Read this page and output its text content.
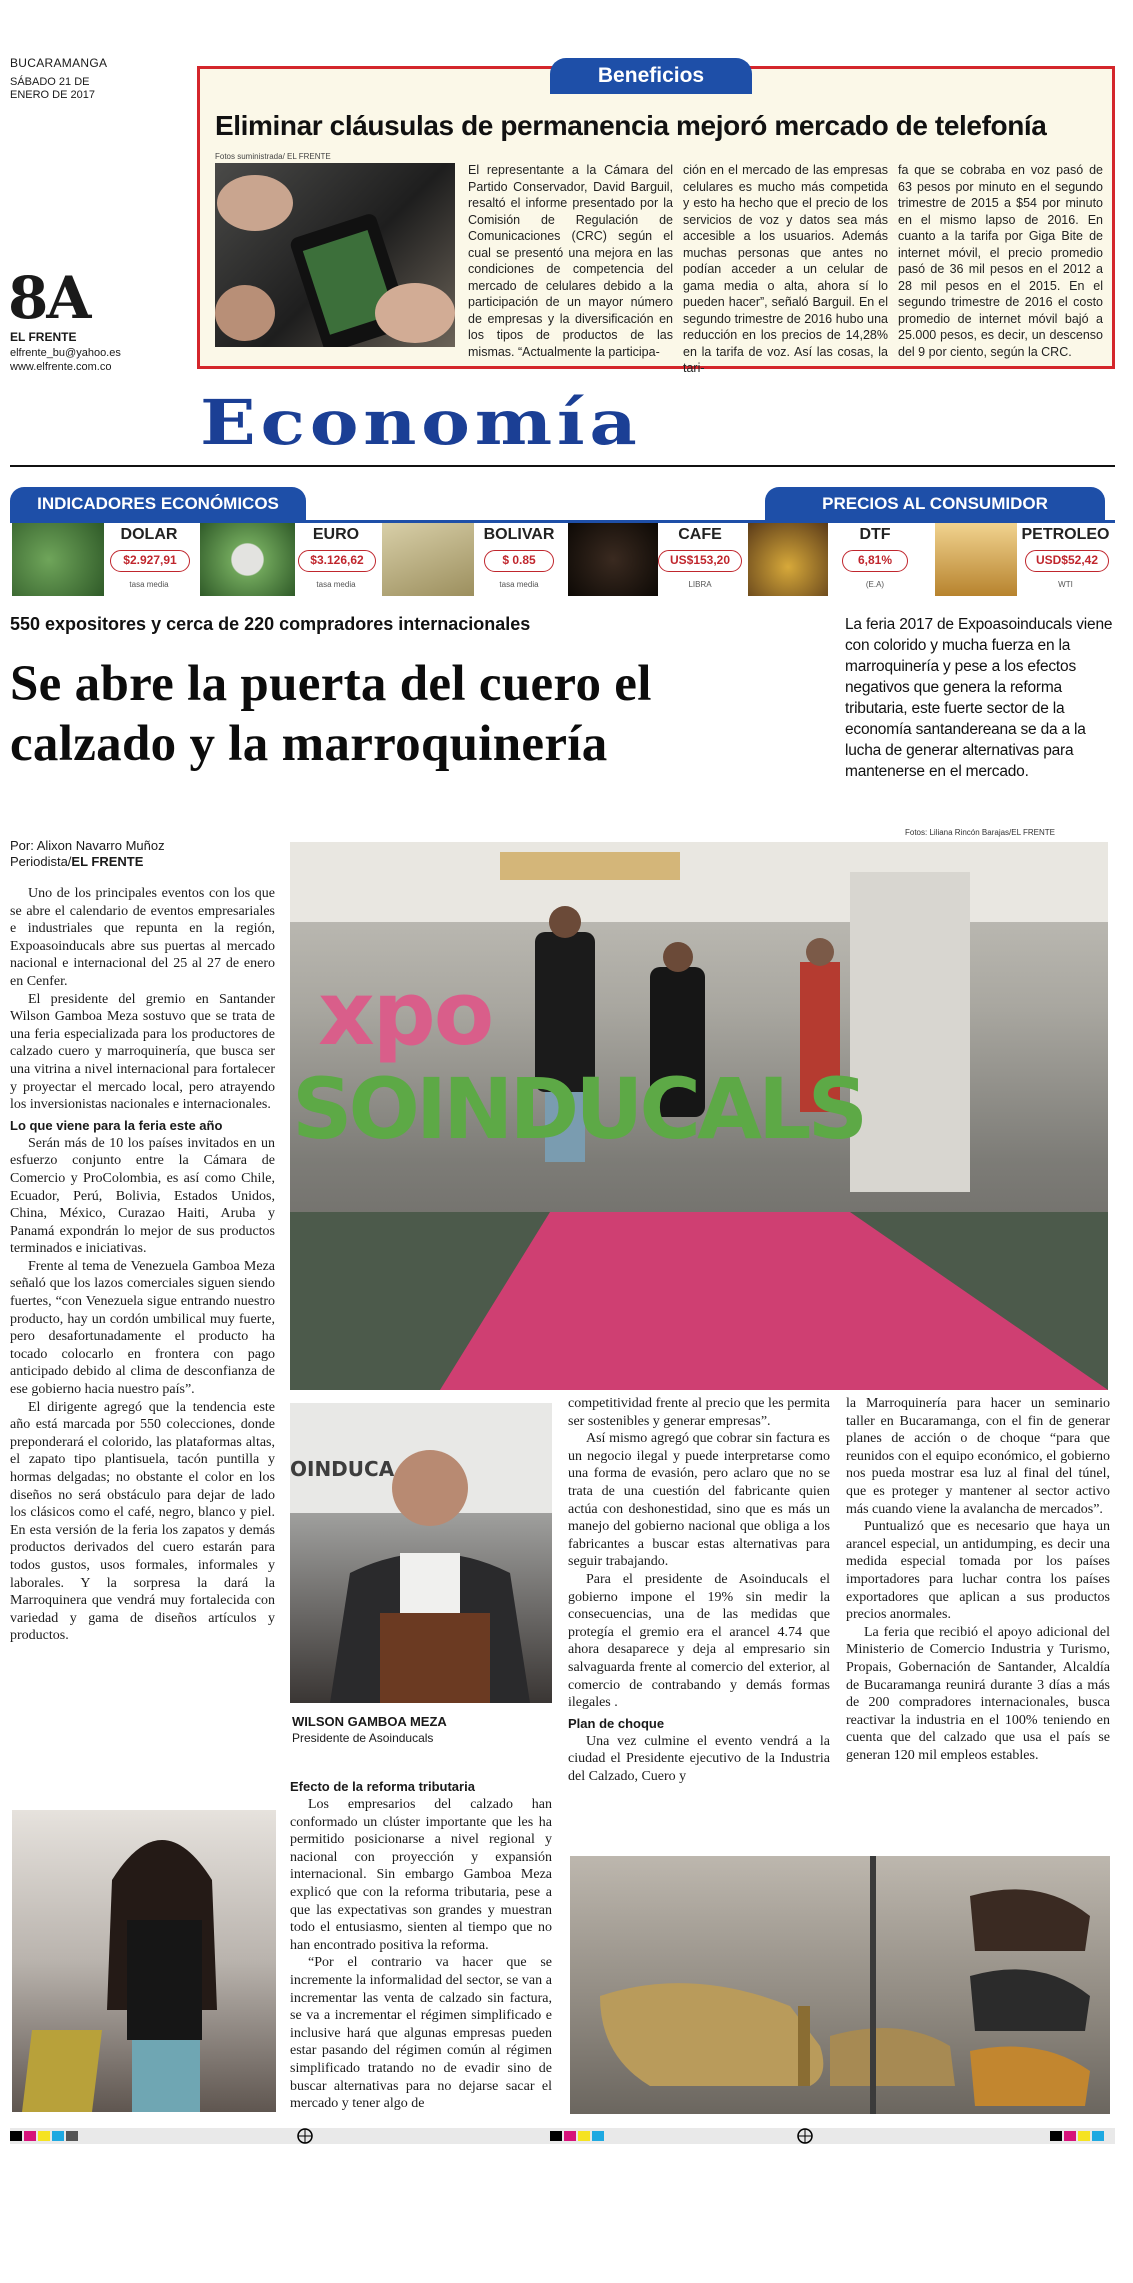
BUCARAMANGA
SÁBADO 21 DE ENERO DE 2017
8A
EL FRENTE
elfrente_bu@yahoo.es
www.elfrente.com.co
Beneficios
Eliminar cláusulas de permanencia mejoró mercado de telefonía
Fotos suministrada/ EL FRENTE
El representante a la Cámara del Partido Conservador, David Barguil, resaltó el informe presentado por la Comisión de Regulación de Comunicaciones (CRC) según el cual se presentó una mejora en las condiciones de competencia del mercado de celulares debido a la participación de un mayor número de empresas y la diversificación en los tipos de productos de las mismas. “Actualmente la participa-
ción en el mercado de las empresas celulares es mucho más competida y esto ha hecho que el precio de los servicios de voz y datos sea más accesible a los usuarios. Además muchas personas que antes no podían acceder a un celular de gama media o alta, ahora sí lo pueden hacer”, señaló Barguil. En el segundo trimestre de 2016 hubo una reducción en los precios de 14,28% en la tarifa de voz. Así las cosas, la tari-
fa que se cobraba en voz pasó de 63 pesos por minuto en el segundo trimestre de 2015 a $54 por minuto en el mismo lapso de 2016. En cuanto a la tarifa por Giga Bite de internet móvil, el precio promedio pasó de 36 mil pesos en el 2012 a 28 mil pesos en el 2015. En el segundo trimestre de 2016 el costo promedio de internet móvil bajó a 25.000 pesos, es decir, un descenso del 9 por ciento, según la CRC.
Economía
INDICADORES ECONÓMICOS	PRECIOS AL CONSUMIDOR
DOLAR
$2.927,91
tasa media
EURO
$3.126,62
tasa media
BOLIVAR
$ 0.85
tasa media
CAFE
US$153,20
LIBRA
DTF
6,81%
(E.A)
PETROLEO
USD$52,42
WTI
550 expositores y cerca de 220 compradores internacionales
Se abre la puerta del cuero el calzado y la marroquinería
La feria 2017 de Expoasoinducals viene con colorido y mucha fuerza en la marroquinería y pese a los efectos negativos que genera la reforma tributaria, este fuerte sector de la economía santandereana se da a la lucha de generar alternativas para mantenerse en el mercado.
Por: Alixon Navarro Muñoz
Periodista/EL FRENTE
Fotos: Liliana Rincón Barajas/EL FRENTE
xpo
SOINDUCALS

Uno de los principales eventos con los que se abre el calendario de eventos empresariales e industriales que repunta en la región, Expoasoinducals abre sus puertas al mercado nacional e internacional del 25 al 27 de enero en Cenfer.

El presidente del gremio en Santander Wilson Gamboa Meza sostuvo que se trata de una feria especializada para los productores de calzado cuero y marroquinería, que busca ser una vitrina a nivel internacional para fortalecer y proyectar el mercado local, pero atrayendo los inversionistas nacionales e internacionales.

Lo que viene para la feria este año

Serán más de 10 los países invitados en un esfuerzo conjunto entre la Cámara de Comercio y ProColombia, es así como Chile, Ecuador, Perú, Bolivia, Estados Unidos, China, México, Curazao Haiti, Aruba y Panamá expondrán lo mejor de sus productos terminados e iniciativas.

Frente al tema de Venezuela Gamboa Meza señaló que los lazos comerciales siguen siendo fuertes, “con Venezuela sigue entrando nuestro producto, hay un cordón umbilical muy fuerte, pero desafortunadamente el producto ha tocado colocarlo en frontera con pago anticipado debido al clima de desconfianza de ese gobierno hacia nuestro país”.

El dirigente agregó que la tendencia este año está marcada por 550 colecciones, donde preponderará el colorido, las plataformas altas, el zapato tipo plantisuela, tacón puntilla y hormas delgadas; no obstante el color en los diseños no será obstáculo para dejar de lado los clásicos como el café, negro, blanco y piel. En esta versión de la feria los zapatos y demás productos derivados del cuero estarán para todos gustos, usos formales, informales y laborales. Y la sorpresa la dará la Marroquinera que vendrá muy fortalecida con variedad y gama de diseños artículos y productos.

OINDUCA
WILSON GAMBOA MEZA
Presidente de Asoinducals
Efecto de la reforma tributaria

Los empresarios del calzado han conformado un clúster importante que les ha permitido posicionarse a nivel regional y nacional con proyección y expansión internacional. Sin embargo Gamboa Meza explicó que con la reforma tributaria, pese a que las expectativas son grandes y muestran todo el entusiasmo, sienten al tiempo que no han encontrado positiva la reforma.

“Por el contrario va hacer que se incremente la informalidad del sector, se van a incrementar las venta de calzado sin factura, se va a incrementar el régimen simplificado e inclusive hará que algunas empresas pueden estar pasando del régimen común al régimen simplificado tratando no de evadir sino de buscar alternativas para no dejarse sacar el mercado y tener algo de

competitividad frente al precio que les permita ser sostenibles y generar empresas”.

Así mismo agregó que cobrar sin factura es un negocio ilegal y puede interpretarse como una forma de evasión, pero aclaro que no se trata de una cuestión del fabricante quien actúa con deshonestidad, sino que es más un manejo del gobierno nacional que obliga a los fabricantes a buscar estas alternativas para seguir trabajando.

Para el presidente de Asoinducals el gobierno impone el 19% sin medir la consecuencias, una de las medidas que protegía el gremio era el arancel 4.74 que ahora desaparece y deja al empresario sin salvaguarda frente al comercio del exterior, al comercio de contrabando y demás formas ilegales .

Plan de choque

Una vez culmine el evento vendrá a la ciudad el Presidente ejecutivo de la Industria del Calzado, Cuero y

la Marroquinería para hacer un seminario taller en Bucaramanga, con el fin de generar planes de acción o de choque “para que reunidos con el equipo económico, el gobierno nos pueda mostrar esa luz al final del túnel, que es proteger y mantener al sector activo más cuando viene la avalancha de mercados”.

Puntualizó que es necesario que haya un arancel especial, un antidumping, es decir una medida especial tomada por los países importadores para luchar contra los países exportadores que aplican a sus productos precios anormales.

La feria que recibió el apoyo adicional del Ministerio de Comercio Industria y Turismo, Propais, Gobernación de Santander, Alcaldía de Bucaramanga reunirá durante 3 días a más de 200 compradores internacionales, busca reactivar la industria en el 100% teniendo en cuenta que del calzado que usa el país se generan 120 mil empleos estables.
